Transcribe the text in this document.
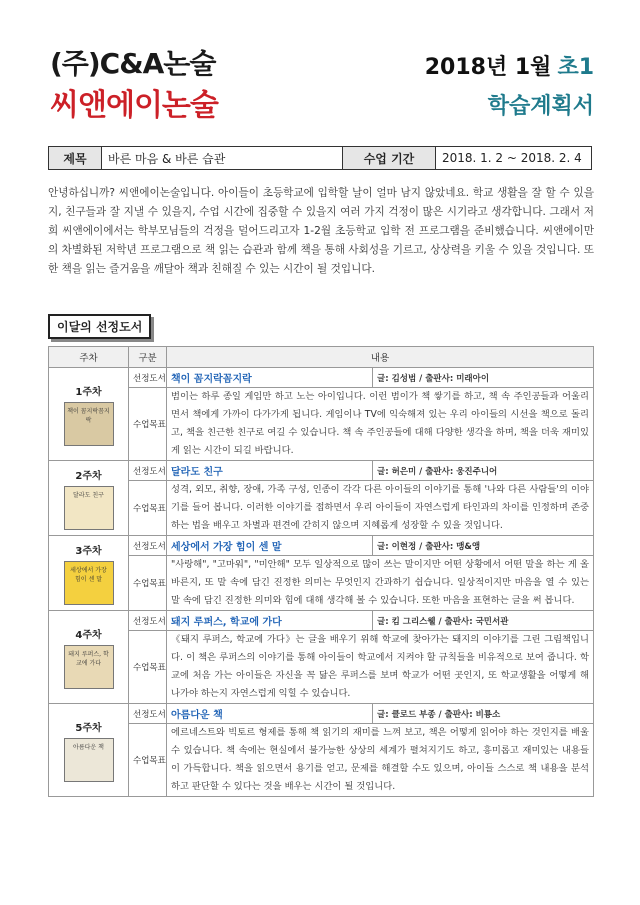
(주)C&A논술
씨앤에이논술
2018년 1월 초1
학습계획서
제목	바른 마음 & 바른 습관	수업 기간	2018. 1. 2 ~ 2018. 2. 4
안녕하십니까? 씨앤에이논술입니다. 아이들이 초등학교에 입학할 날이 얼마 남지 않았네요. 학교 생활을 잘 할 수 있을지, 친구들과 잘 지낼 수 있을지, 수업 시간에 집중할 수 있을지 여러 가지 걱정이 많은 시기라고 생각합니다. 그래서 저희 씨앤에이에서는 학부모님들의 걱정을 덜어드리고자 1-2월 초등학교 입학 전 프로그램을 준비했습니다. 씨앤에이만의 차별화된 저학년 프로그램으로 책 읽는 습관과 함께 책을 통해 사회성을 기르고, 상상력을 키울 수 있을 것입니다. 또한 책을 읽는 즐거움을 깨달아 책과 친해질 수 있는 시간이 될 것입니다.
이달의 선정도서
주차	구분	내용	

1주차
책이 꼼지락꼼지락	선정도서	책이 꼼지락꼼지락	글: 김성범 / 출판사: 미래아이
	수업목표	범이는 하루 종일 게임만 하고 노는 아이입니다. 이런 범이가 책 쌓기를 하고, 책 속 주인공들과 어울리면서 책에게 가까이 다가가게 됩니다. 게임이나 TV에 익숙해져 있는 우리 아이들의 시선을 책으로 돌리고, 책을 친근한 친구로 여길 수 있습니다. 책 속 주인공들에 대해 다양한 생각을 하며, 책을 더욱 재미있게 읽는 시간이 되길 바랍니다.	

2주차
달라도 친구	선정도서	달라도 친구	글: 허은미 / 출판사: 웅진주니어
	수업목표	성격, 외모, 취향, 장애, 가족 구성, 인종이 각각 다른 아이들의 이야기를 통해 '나와 다른 사람들'의 이야기를 들어 봅니다. 이러한 이야기를 접하면서 우리 아이들이 자연스럽게 타인과의 차이를 인정하며 존중하는 법을 배우고 차별과 편견에 갇히지 않으며 지혜롭게 성장할 수 있을 것입니다.	

3주차
세상에서 가장 힘이 센 말	선정도서	세상에서 가장 힘이 센 말	글: 이현정 / 출판사: 맹&앵
	수업목표	"사랑해", "고마워", "미안해" 모두 일상적으로 많이 쓰는 말이지만 어떤 상황에서 어떤 말을 하는 게 올바른지, 또 말 속에 담긴 진정한 의미는 무엇인지 간과하기 쉽습니다. 일상적이지만 마음을 열 수 있는 말 속에 담긴 진정한 의미와 힘에 대해 생각해 볼 수 있습니다. 또한 마음을 표현하는 글을 써 봅니다.	

4주차
돼지 루퍼스, 학교에 가다	선정도서	돼지 루퍼스, 학교에 가다	글: 킴 그리스웰 / 출판사: 국민서관
	수업목표	《돼지 루퍼스, 학교에 가다》는 글을 배우기 위해 학교에 찾아가는 돼지의 이야기를 그린 그림책입니다. 이 책은 루퍼스의 이야기를 통해 아이들이 학교에서 지켜야 할 규칙들을 비유적으로 보여 줍니다. 학교에 처음 가는 아이들은 자신을 꼭 닮은 루퍼스를 보며 학교가 어떤 곳인지, 또 학교생활을 어떻게 해 나가야 하는지 자연스럽게 익힐 수 있습니다.	

5주차
아름다운 책	선정도서	아름다운 책	글: 클로드 부종 / 출판사: 비룡소
	수업목표	에르네스트와 빅토르 형제를 통해 책 읽기의 재미를 느껴 보고, 책은 어떻게 읽어야 하는 것인지를 배울 수 있습니다. 책 속에는 현실에서 불가능한 상상의 세계가 펼쳐지기도 하고, 흥미롭고 재미있는 내용들이 가득합니다. 책을 읽으면서 용기를 얻고, 문제를 해결할 수도 있으며, 아이들 스스로 책 내용을 분석하고 판단할 수 있다는 것을 배우는 시간이 될 것입니다.	
